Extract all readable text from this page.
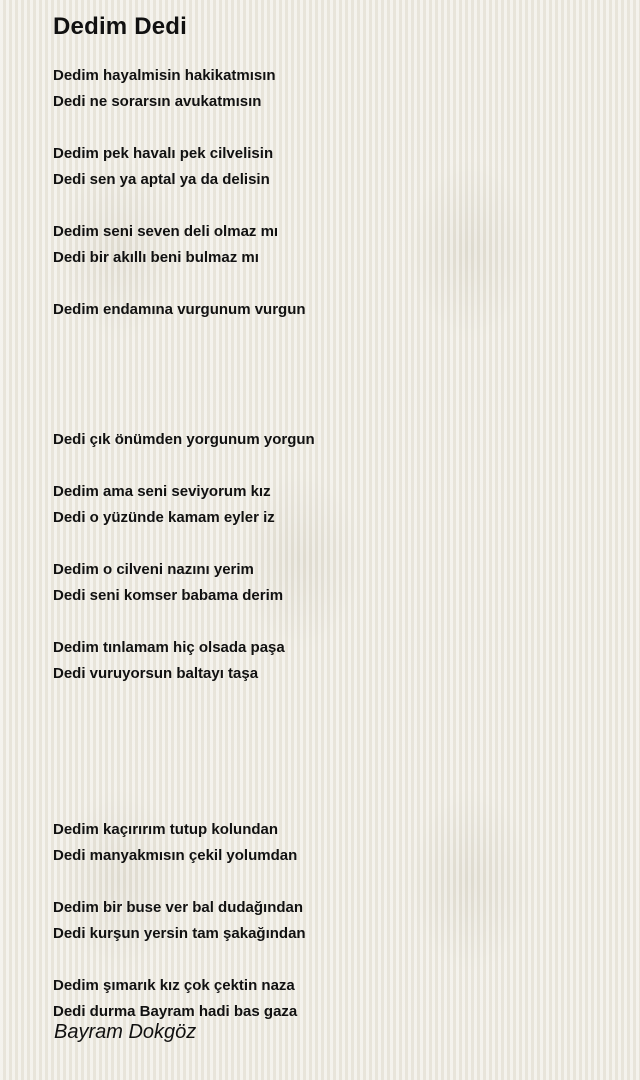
Dedim Dedi
Dedim hayalmisin hakikatmısın
Dedi ne sorarsın avukatmısın
Dedim pek havalı pek cilvelisin
Dedi sen ya aptal ya da delisin
Dedim seni seven deli olmaz mı
Dedi bir akıllı beni bulmaz mı
Dedim endamına vurgunum vurgun
Dedi çık önümden yorgunum yorgun
Dedim ama seni seviyorum kız
Dedi o yüzünde kamam eyler iz
Dedim o cilveni nazını yerim
Dedi seni komser babama derim
Dedim tınlamam hiç olsada paşa
Dedi vuruyorsun baltayı taşa
Dedim kaçırırım tutup kolundan
Dedi manyakmısın çekil yolumdan
Dedim bir buse ver bal dudağından
Dedi kurşun yersin tam şakağından
Dedim şımarık kız çok çektin naza
Dedi durma Bayram hadi bas gaza
Bayram Dokgöz
